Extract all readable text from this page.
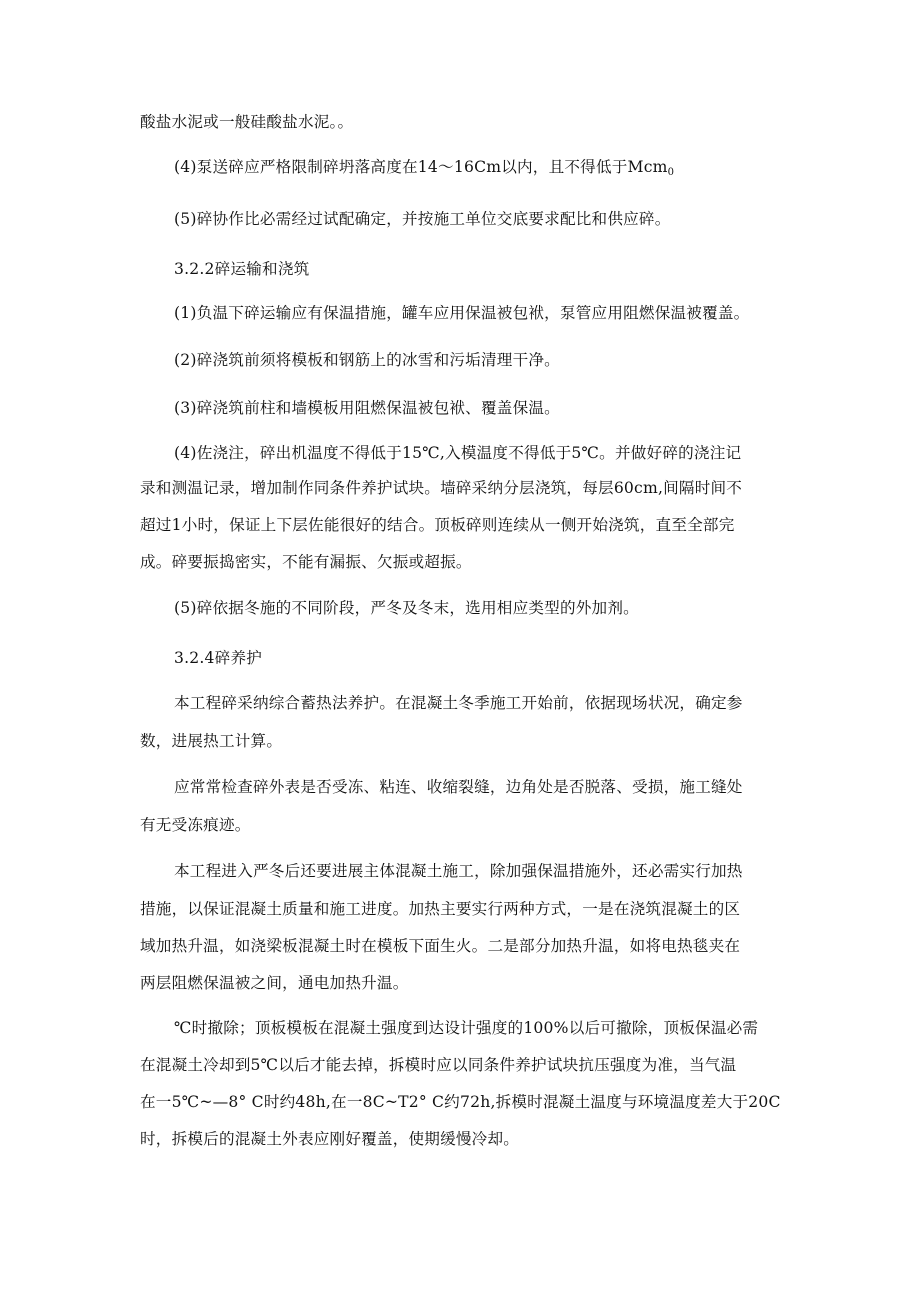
酸盐水泥或一般硅酸盐水泥。。
(4)泵送碎应严格限制碎坍落高度在14～16Cm以内，且不得低于Mcm$_0$
(5)碎协作比必需经过试配确定，并按施工单位交底要求配比和供应碎。
3.2.2碎运输和浇筑
(1)负温下碎运输应有保温措施，罐车应用保温被包袱，泵管应用阻燃保温被覆盖。
(2)碎浇筑前须将模板和钢筋上的冰雪和污垢清理干净。
(3)碎浇筑前柱和墙模板用阻燃保温被包袱、覆盖保温。
(4)佐浇注，碎出机温度不得低于15℃,入模温度不得低于5℃。并做好碎的浇注记
录和测温记录，增加制作同条件养护试块。墙碎采纳分层浇筑，每层60cm,间隔时间不
超过1小时，保证上下层佐能很好的结合。顶板碎则连续从一侧开始浇筑，直至全部完
成。碎要振捣密实，不能有漏振、欠振或超振。
(5)碎依据冬施的不同阶段，严冬及冬末，选用相应类型的外加剂。
3.2.4碎养护
本工程碎采纳综合蓄热法养护。在混凝土冬季施工开始前，依据现场状况，确定参
数，进展热工计算。
应常常检查碎外表是否受冻、粘连、收缩裂缝，边角处是否脱落、受损，施工缝处
有无受冻痕迹。
本工程进入严冬后还要进展主体混凝土施工，除加强保温措施外，还必需实行加热
措施，以保证混凝土质量和施工进度。加热主要实行两种方式，一是在浇筑混凝土的区
域加热升温，如浇梁板混凝土时在模板下面生火。二是部分加热升温，如将电热毯夹在
两层阻燃保温被之间，通电加热升温。
℃时撤除；顶板模板在混凝土强度到达设计强度的100%以后可撤除，顶板保温必需
在混凝土冷却到5℃以后才能去掉，拆模时应以同条件养护试块抗压强度为准，当气温
在一5℃~—8° C时约48h,在一8C~T2° C约72h,拆模时混凝土温度与环境温度差大于20C
时，拆模后的混凝土外表应刚好覆盖，使期缓慢冷却。
